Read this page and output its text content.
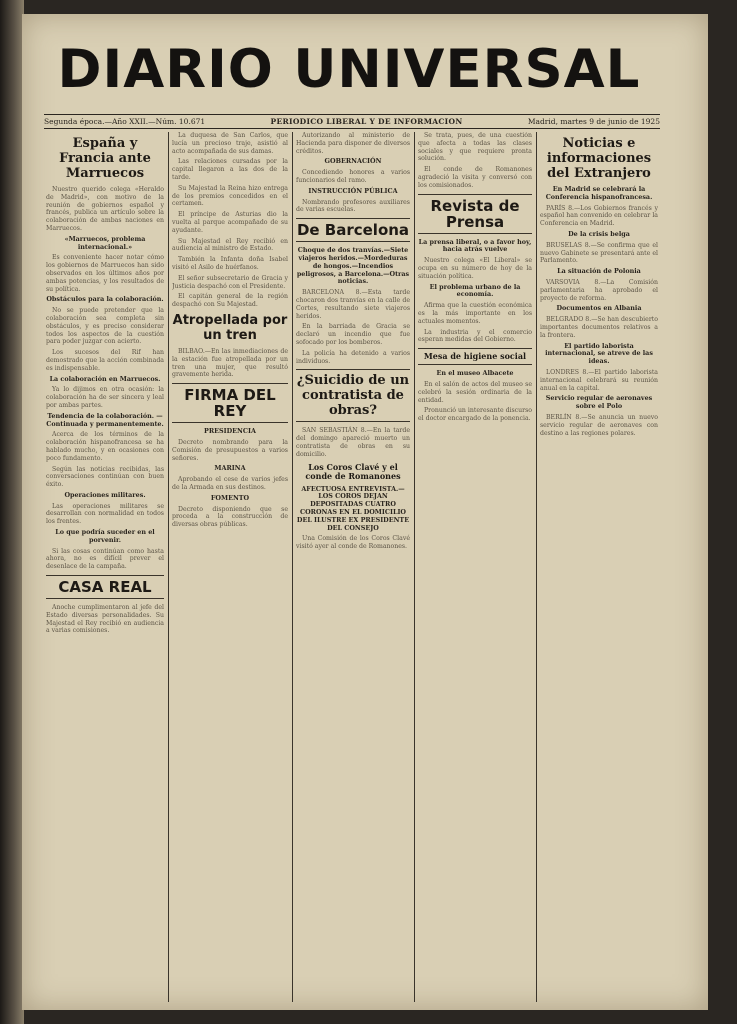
DIARIO UNIVERSAL
Segunda época.—Año XXII.—Núm. 10.671	PERIODICO LIBERAL Y DE INFORMACION	Madrid, martes 9 de junio de 1925
España y Francia ante Marruecos

Nuestro querido colega «Heraldo de Madrid», con motivo de la reunión de gobiernos español y francés, publica un artículo sobre la colaboración de ambas naciones en Marruecos.

«Marruecos, problema internacional.»

Es conveniente hacer notar cómo los gobiernos de Marruecos han sido observados en los últimos años por ambas potencias, y los resultados de su política.

Obstáculos para la colaboración.

No se puede pretender que la colaboración sea completa sin obstáculos, y es preciso considerar todos los aspectos de la cuestión para poder juzgar con acierto.

Los sucesos del Rif han demostrado que la acción combinada es indispensable.

La colaboración en Marruecos.

Ya lo dijimos en otra ocasión: la colaboración ha de ser sincera y leal por ambas partes.

Tendencia de la colaboración. — Continuada y permanentemente.

Acerca de los términos de la colaboración hispanofrancesa se ha hablado mucho, y en ocasiones con poco fundamento.

Según las noticias recibidas, las conversaciones continúan con buen éxito.

Operaciones militares.

Las operaciones militares se desarrollan con normalidad en todos los frentes.

Lo que podría suceder en el porvenir.

Si las cosas continúan como hasta ahora, no es difícil prever el desenlace de la campaña.

CASA REAL

Anoche cumplimentaron al jefe del Estado diversas personalidades. Su Majestad el Rey recibió en audiencia a varias comisiones.

La duquesa de San Carlos, que lucía un precioso traje, asistió al acto acompañada de sus damas.

Las relaciones cursadas por la capital llegaron a las dos de la tarde.

Su Majestad la Reina hizo entrega de los premios concedidos en el certamen.

El príncipe de Asturias dio la vuelta al parque acompañado de su ayudante.

Su Majestad el Rey recibió en audiencia al ministro de Estado.

También la Infanta doña Isabel visitó el Asilo de huérfanos.

El señor subsecretario de Gracia y Justicia despachó con el Presidente.

El capitán general de la región despachó con Su Majestad.

Atropellada por un tren

BILBAO.—En las inmediaciones de la estación fue atropellada por un tren una mujer, que resultó gravemente herida.

FIRMA DEL REY
PRESIDENCIA

Decreto nombrando para la Comisión de presupuestos a varios señores.

MARINA

Aprobando el cese de varios jefes de la Armada en sus destinos.

FOMENTO

Decreto disponiendo que se proceda a la construcción de diversas obras públicas.

Autorizando al ministerio de Hacienda para disponer de diversos créditos.

GOBERNACIÓN

Concediendo honores a varios funcionarios del ramo.

INSTRUCCIÓN PÚBLICA

Nombrando profesores auxiliares de varias escuelas.

De Barcelona
Choque de dos tranvías.—Siete viajeros heridos.—Mordeduras de hongos.—Incendios peligrosos, a Barcelona.—Otras noticias.

BARCELONA 8.—Esta tarde chocaron dos tranvías en la calle de Cortes, resultando siete viajeros heridos.

En la barriada de Gracia se declaró un incendio que fue sofocado por los bomberos.

La policía ha detenido a varios individuos.

¿Suicidio de un contratista de obras?

SAN SEBASTIÁN 8.—En la tarde del domingo apareció muerto un contratista de obras en su domicilio.

Los Coros Clavé y el conde de Romanones
AFECTUOSA ENTREVISTA.—LOS COROS DEJAN DEPOSITADAS CUATRO CORONAS EN EL DOMICILIO DEL ILUSTRE EX PRESIDENTE DEL CONSEJO

Una Comisión de los Coros Clavé visitó ayer al conde de Romanones.

Se trata, pues, de una cuestión que afecta a todas las clases sociales y que requiere pronta solución.

El conde de Romanones agradeció la visita y conversó con los comisionados.

Revista de Prensa
La prensa liberal, o a favor hoy, hacia atrás vuelve

Nuestro colega «El Liberal» se ocupa en su número de hoy de la situación política.

El problema urbano de la economía.

Afirma que la cuestión económica es la más importante en los actuales momentos.

La industria y el comercio esperan medidas del Gobierno.

Mesa de higiene social
En el museo Albacete

En el salón de actos del museo se celebró la sesión ordinaria de la entidad.

Pronunció un interesante discurso el doctor encargado de la ponencia.

Noticias e informaciones del Extranjero
En Madrid se celebrará la Conferencia hispanofrancesa.

PARÍS 8.—Los Gobiernos francés y español han convenido en celebrar la Conferencia en Madrid.

De la crisis belga

BRUSELAS 8.—Se confirma que el nuevo Gabinete se presentará ante el Parlamento.

La situación de Polonia

VARSOVIA 8.—La Comisión parlamentaria ha aprobado el proyecto de reforma.

Documentos en Albania

BELGRADO 8.—Se han descubierto importantes documentos relativos a la frontera.

El partido laborista internacional, se atreve de las ideas.

LONDRES 8.—El partido laborista internacional celebrará su reunión anual en la capital.

Servicio regular de aeronaves sobre el Polo

BERLÍN 8.—Se anuncia un nuevo servicio regular de aeronaves con destino a las regiones polares.
